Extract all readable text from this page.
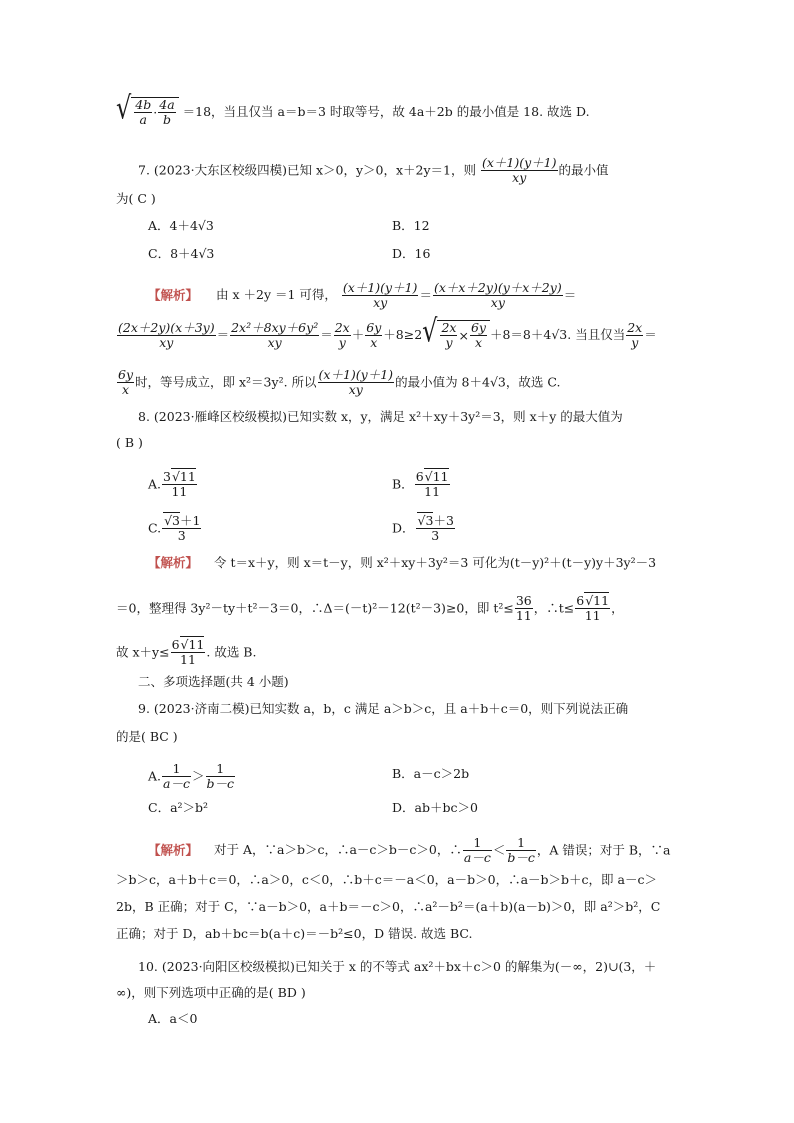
√ 4b
a
·
4a
b
＝18，当且仅当 a＝b＝3 时取等号，故 4a＋2b 的最小值是 18. 故选 D.
7. (2023·大东区校级四模)已知 x＞0，y＞0，x＋2y＝1，则 $\frac{(x+1)(y+1)}{xy}$ 的最小值
为( C )
A．4＋4√3	B．12
C．8＋4√3	D．16
【解析】 由 x ＋2y ＝1 可得， $\frac{(x+1)(y+1)}{xy} = \frac{(x+x+2y)(y+x+2y)}{xy}$ ＝
$\frac{(2x+2y)(x+3y)}{xy} = \frac{\text{2x²＋8xy＋6y²}}{xy} = \frac{2x}{y} + \frac{6y}{x} +8\ge 2$ √ 2x
y
×
6y
x
＋8＝8＋4√3. 当且仅当 $\frac{2x}{y}$ ＝
$\frac{6y}{x}$ 时，等号成立，即 x²＝3y². 所以 $\frac{(x+1)(y+1)}{xy}$ 的最小值为 8＋4√3，故选 C.
8. (2023·雁峰区校级模拟)已知实数 x，y，满足 x²＋xy＋3y²＝3，则 x＋y 的最大值为
( B )
A. $\frac{3√11}{11}$	B． $\frac{6√11}{11}$
C. $\frac{√3+1}{3}$	D． $\frac{√3+3}{3}$
【解析】 令 t＝x＋y，则 x＝t－y，则 x²＋xy＋3y²＝3 可化为(t－y)²＋(t－y)y＋3y²－3
＝0，整理得 3y²－ty＋t²－3＝0，∴Δ＝(－t)²－12(t²－3)≥0，即 $t^2\le \frac{36}{11}$ ，∴t≤ $\frac{6√11}{11}$ ，
故 $x+y\le \frac{6√11}{11}$ . 故选 B.
二、多项选择题(共 4 小题)
9. (2023·济南二模)已知实数 a，b，c 满足 a＞b＞c，且 a＋b＋c＝0，则下列说法正确
的是( BC )
A. $\frac{1}{a-c} > \frac{1}{b-c}$	B．a－c＞2b
C．a²＞b²	D．ab＋bc＞0
【解析】 对于 A，∵a＞b＞c，∴a－c＞b－c＞0，∴ $\frac{1}{a-c} < \frac{1}{b-c}$ ，A 错误；对于 B，∵a
＞b＞c，a＋b＋c＝0，∴a＞0，c＜0，∴b＋c＝－a＜0，a－b＞0，∴a－b＞b＋c，即 a－c＞
2b，B 正确；对于 C，∵a－b＞0，a＋b＝－c＞0，∴a²－b²＝(a＋b)(a－b)＞0，即 a²＞b²，C
正确；对于 D，ab＋bc＝b(a＋c)＝－b²≤0，D 错误. 故选 BC.
10. (2023·向阳区校级模拟)已知关于 x 的不等式 ax²＋bx＋c＞0 的解集为(－∞，2)∪(3，＋
∞)，则下列选项中正确的是( BD )
A．a＜0
